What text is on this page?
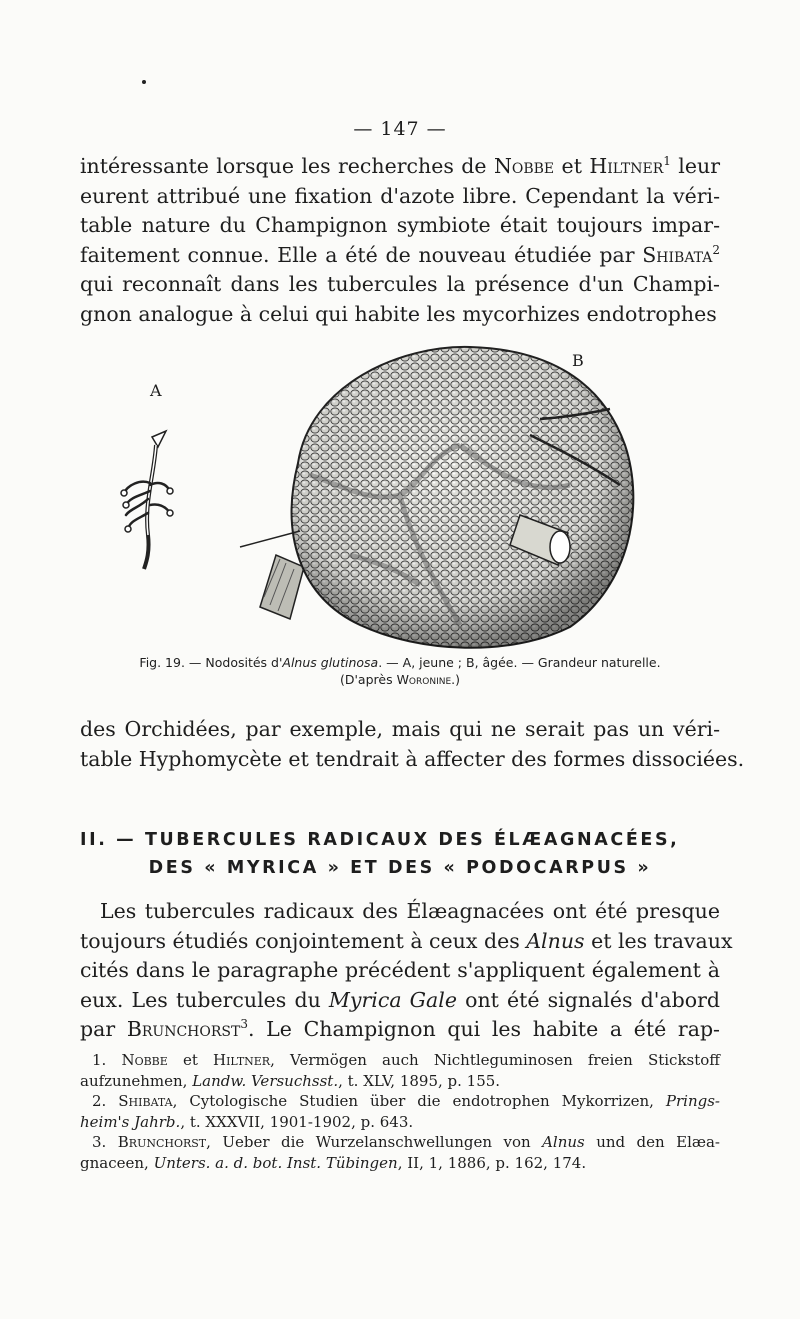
— 147 —
intéressante lorsque les recherches de Nobbe et Hiltner$^1$ leur
eurent attribué une fixation d'azote libre. Cependant la véri-
table nature du Champignon symbiote était toujours impar-
faitement connue. Elle a été de nouveau étudiée par Shibata$^2$
qui reconnaît dans les tubercules la présence d'un Champi-
gnon analogue à celui qui habite les mycorhizes endotrophes
A
B
Fig. 19. — Nodosités d'Alnus glutinosa. — A, jeune ; B, âgée. — Grandeur naturelle.
(D'après Woronine.)
des Orchidées, par exemple, mais qui ne serait pas un véri-
table Hyphomycète et tendrait à affecter des formes dissociées.
II. — TUBERCULES RADICAUX DES ÉLÆAGNACÉES,
DES « MYRICA » ET DES « PODOCARPUS »
Les tubercules radicaux des Élæagnacées ont été presque
toujours étudiés conjointement à ceux des Alnus et les travaux
cités dans le paragraphe précédent s'appliquent également à
eux. Les tubercules du Myrica Gale ont été signalés d'abord
par Brunchorst$^3$. Le Champignon qui les habite a été rap-
1. Nobbe et Hiltner, Vermögen auch Nichtleguminosen freien Stickstoff
aufzunehmen, Landw. Versuchsst., t. XLV, 1895, p. 155.
2. Shibata, Cytologische Studien über die endotrophen Mykorrizen, Prings-
heim's Jahrb., t. XXXVII, 1901-1902, p. 643.
3. Brunchorst, Ueber die Wurzelanschwellungen von Alnus und den Elæa-
gnaceen, Unters. a. d. bot. Inst. Tübingen, II, 1, 1886, p. 162, 174.
